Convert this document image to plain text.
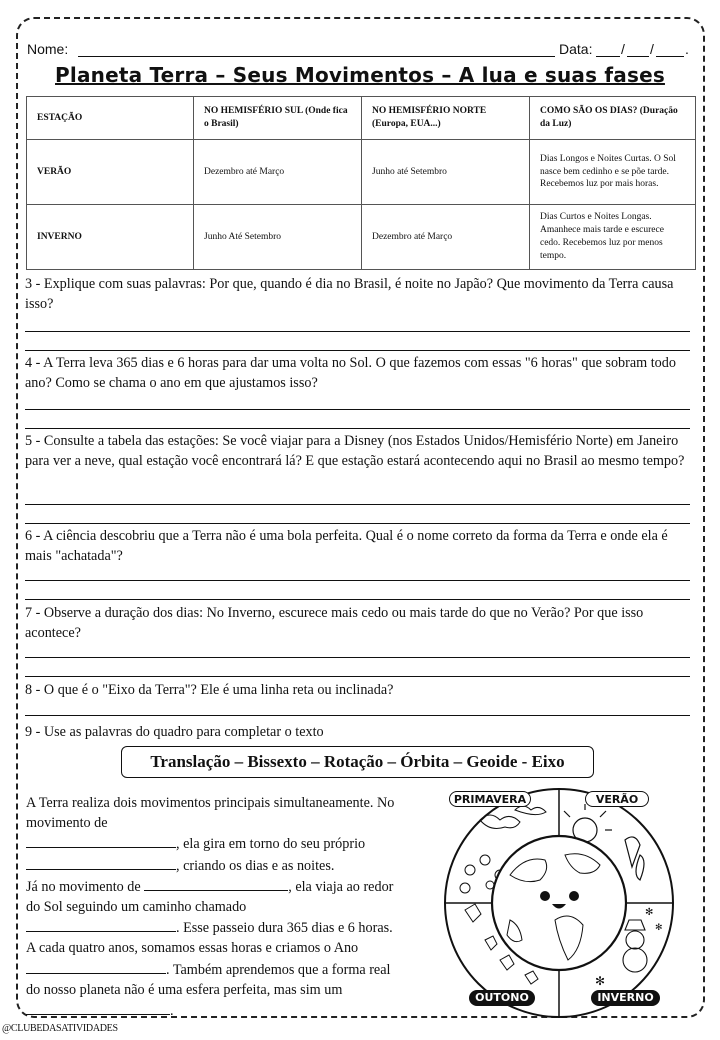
Nome:	Data: / / .
Planeta Terra – Seus Movimentos – A lua e suas fases
ESTAÇÃO	NO HEMISFÉRIO SUL (Onde fica o Brasil)	NO HEMISFÉRIO NORTE (Europa, EUA...)	COMO SÃO OS DIAS? (Duração da Luz)
VERÃO	Dezembro até Março	Junho até Setembro	Dias Longos e Noites Curtas. O Sol nasce bem cedinho e se põe tarde. Recebemos luz por mais horas.
INVERNO	Junho Até Setembro	Dezembro até Março	Dias Curtos e Noites Longas. Amanhece mais tarde e escurece cedo. Recebemos luz por menos tempo.
3 - Explique com suas palavras: Por que, quando é dia no Brasil, é noite no Japão? Que movimento da Terra causa isso?
4 - A Terra leva 365 dias e 6 horas para dar uma volta no Sol. O que fazemos com essas "6 horas" que sobram todo ano? Como se chama o ano em que ajustamos isso?
5 - Consulte a tabela das estações: Se você viajar para a Disney (nos Estados Unidos/Hemisfério Norte) em Janeiro para ver a neve, qual estação você encontrará lá? E que estação estará acontecendo aqui no Brasil ao mesmo tempo?
6 - A ciência descobriu que a Terra não é uma bola perfeita. Qual é o nome correto da forma da Terra e onde ela é mais "achatada"?
7 - Observe a duração dos dias: No Inverno, escurece mais cedo ou mais tarde do que no Verão? Por que isso acontece?
8 - O que é o "Eixo da Terra"? Ele é uma linha reta ou inclinada?
9 - Use as palavras do quadro para completar o texto
Translação – Bissexto – Rotação – Órbita – Geoide - Eixo
A Terra realiza dois movimentos principais simultaneamente. No movimento de
, ela gira em torno do seu próprio
, criando os dias e as noites.
Já no movimento de	, ela viaja ao redor do Sol seguindo um caminho chamado
. Esse passeio dura 365 dias e 6 horas. A cada quatro anos, somamos essas horas e criamos o Ano . Também aprendemos que a forma real do nosso planeta não é uma esfera perfeita, mas sim um .
✻
✻
✻
PRIMAVERA	VERÃO
OUTONO	INVERNO
@CLUBEDASATIVIDADES
